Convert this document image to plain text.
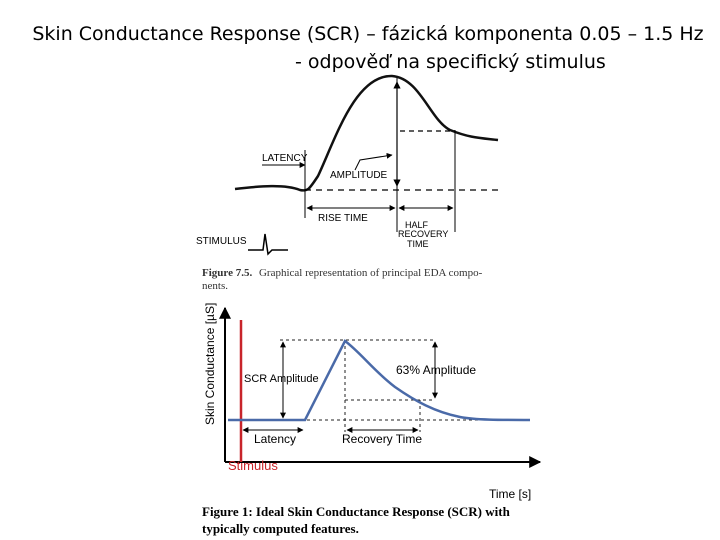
Skin Conductance Response (SCR) – fázická komponenta 0.05 – 1.5 Hz
- odpověď na specifický stimulus
LATENCY
AMPLITUDE
RISE TIME
HALF
RECOVERY
TIME
STIMULUS
Figure 7.5. Graphical representation of principal EDA compo-
nents.
Skin Conductance [µS]
Time [s]
Stimulus
SCR Amplitude
63% Amplitude
Latency	Recovery Time
Figure 1: Ideal Skin Conductance Response (SCR) with
typically computed features.
